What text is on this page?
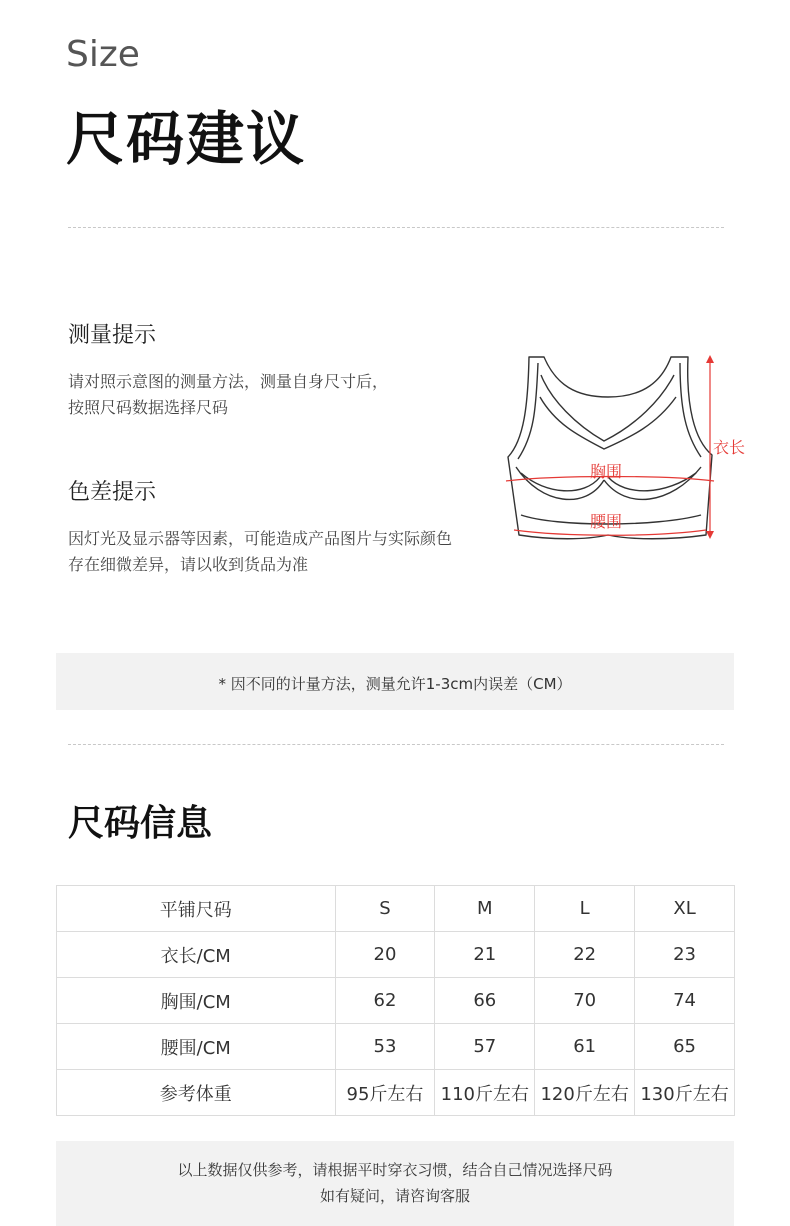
Size
尺码建议
测量提示
请对照示意图的测量方法，测量自身尺寸后，
按照尺码数据选择尺码
色差提示
因灯光及显示器等因素，可能造成产品图片与实际颜色
存在细微差异，请以收到货品为准
衣长
胸围
腰围
* 因不同的计量方法，测量允许1-3cm内误差（CM）
尺码信息
平铺尺码	S	M	L	XL
衣长/CM	20	21	22	23
胸围/CM	62	66	70	74
腰围/CM	53	57	61	65
参考体重	95斤左右	110斤左右	120斤左右	130斤左右
以上数据仅供参考，请根据平时穿衣习惯，结合自己情况选择尺码
如有疑问，请咨询客服
